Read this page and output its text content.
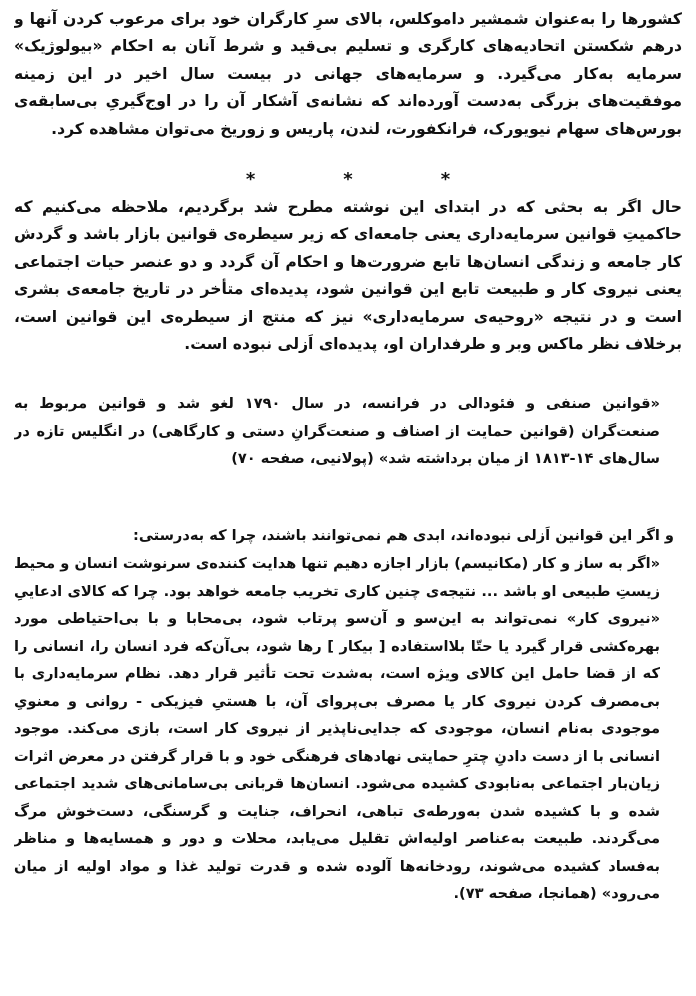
کشورها را به‌عنوان شمشیر داموکلس، بالای سرِ کارگران خود برای مرعوب کردن آنها و درهم شکستن اتحادیه‌های کارگری و تسلیم بی‌قید و شرط آنان به احکام «بیولوژیک» سرمایه به‌کار می‌گیرد. و سرمایه‌های جهانی در بیست سال اخیر در این زمینه موفقیت‌های بزرگی به‌دست آورده‌اند که نشانه‌ی آشکار آن را در اوج‌گیریِ بی‌سابقه‌ی بورس‌های سهام نیویورک، فرانکفورت، لندن، پاریس و زوریخ می‌توان مشاهده کرد.

*	*	*

حال اگر به بحثی که در ابتدای این نوشته مطرح شد برگردیم، ملاحظه می‌کنیم که حاکمیتِ قوانین سرمایه‌داری یعنی جامعه‌ای که زیر سیطره‌ی قوانین بازار باشد و گردش کار جامعه و زندگی انسان‌ها تابع ضرورت‌ها و احکام آن گردد و دو عنصر حیات اجتماعی یعنی نیروی کار و طبیعت تابع این قوانین شود، پدیده‌ای متأخر در تاریخ جامعه‌ی بشری است و در نتیجه «روحیه‌ی سرمایه‌داری» نیز که منتج از سیطره‌ی این قوانین است، برخلاف نظر ماکس وبر و طرفداران او، پدیده‌ای اَزلی نبوده است.

«قوانین صنفی و فئودالی در فرانسه، در سال ۱۷۹۰ لغو شد و قوانین مربوط به صنعت‌گران (قوانین حمایت از اصناف و صنعت‌گرانِ دستی و کارگاهی) در انگلیس تازه در سال‌های ۱۴-۱۸۱۳ از میان برداشته شد» (پولانیی، صفحه ۷۰)

و اگر این قوانین اَزلی نبوده‌اند، ابدی هم نمی‌توانند باشند، چرا که به‌درستی:

«اگر به ساز و کار (مکانیسم) بازار اجازه دهیم تنها هدایت کننده‌ی سرنوشت انسان و محیط زیستِ طبیعی او باشد ... نتیجه‌ی چنین کاری تخریب جامعه خواهد بود. چرا که کالای ادعاییِ «نیروی کار» نمی‌تواند به این‌سو و آن‌سو پرتاب شود، بی‌محابا و با بی‌احتیاطی مورد بهره‌کشی قرار گیرد یا حتّا بلااستفاده [ بیکار ] رها شود، بی‌آن‌که فرد انسان را، انسانی را که از قضا حامل این کالای ویژه است، به‌شدت تحت تأثیر قرار دهد. نظام سرمایه‌داری با بی‌مصرف کردن نیروی کار یا مصرف بی‌پروای آن، با هستیِ فیزیکی - روانی و معنویِ موجودی به‌نام انسان، موجودی که جدایی‌ناپذیر از نیروی کار است، بازی می‌کند. موجود انسانی با از دست دادنِ چترِ حمایتی نهادهای فرهنگی خود و با قرار گرفتن در معرض اثرات زیان‌بار اجتماعی به‌نابودی کشیده می‌شود. انسان‌ها قربانی بی‌سامانی‌های شدید اجتماعی شده و با کشیده شدن به‌ورطه‌ی تباهی، انحراف، جنایت و گرسنگی، دست‌خوش مرگ می‌گردند. طبیعت به‌عناصر اولیه‌اش تقلیل می‌یابد، محلات و دور و همسایه‌ها و مناظر به‌فساد کشیده می‌شوند، رودخانه‌ها آلوده شده و قدرت تولید غذا و مواد اولیه از میان می‌رود» (همانجا، صفحه ۷۳).
